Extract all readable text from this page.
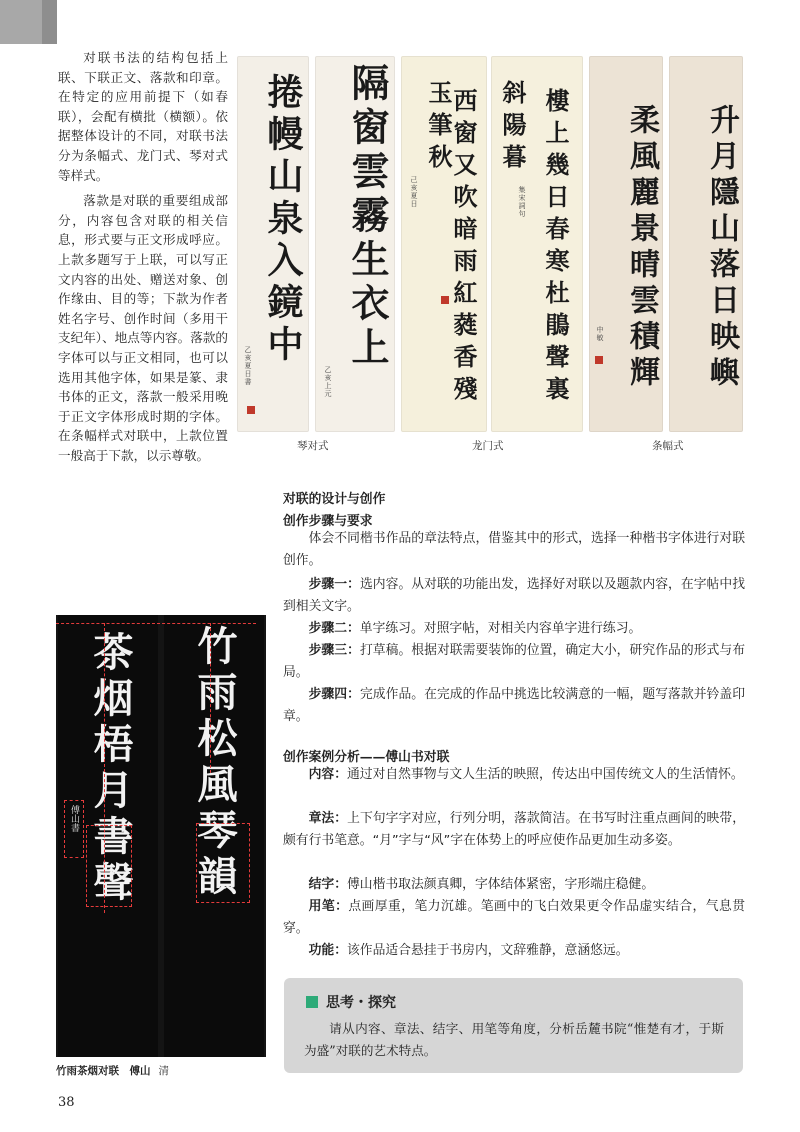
对联书法的结构包括上联、下联正文、落款和印章。在特定的应用前提下（如春联），会配有横批（横额）。依据整体设计的不同，对联书法分为条幅式、龙门式、琴对式等样式。

落款是对联的重要组成部分，内容包含对联的相关信息，形式要与正文形成呼应。上款多题写于上联，可以写正文内容的出处、赠送对象、创作缘由、目的等；下款为作者姓名字号、创作时间（多用干支纪年）、地点等内容。落款的字体可以与正文相同，也可以选用其他字体，如果是篆、隶书体的正文，落款一般采用晚于正文字体形成时期的字体。在条幅样式对联中，上款位置一般高于下款，以示尊敬。

捲幔山泉入鏡中
乙亥夏日書	隔窗雲霧生衣上
乙亥上元
玉筆秋
西窗又吹暗雨紅蕤香殘
己亥夏日
斜陽暮 樓上幾日春寒杜鵑聲裏
集宋詞句	柔風麗景晴雲積輝
中敏	升月隱山落日映嶼
琴对式	龙门式	条幅式
茶烟梧月書聲 竹雨松風琴韻
傅山書
竹雨茶烟对联　傅山 清
对联的设计与创作
创作步骤与要求
体会不同楷书作品的章法特点，借鉴其中的形式，选择一种楷书字体进行对联创作。
步骤一：选内容。从对联的功能出发，选择好对联以及题款内容，在字帖中找到相关文字。
步骤二：单字练习。对照字帖，对相关内容单字进行练习。
步骤三：打草稿。根据对联需要装饰的位置，确定大小，研究作品的形式与布局。
步骤四：完成作品。在完成的作品中挑选比较满意的一幅，题写落款并钤盖印章。
创作案例分析——傅山书对联
内容：通过对自然事物与文人生活的映照，传达出中国传统文人的生活情怀。
章法：上下句字字对应，行列分明，落款简洁。在书写时注重点画间的映带，颇有行书笔意。“月”字与“风”字在体势上的呼应使作品更加生动多姿。
结字：傅山楷书取法颜真卿，字体结体紧密，字形端庄稳健。
用笔：点画厚重，笔力沉雄。笔画中的飞白效果更令作品虚实结合，气息贯穿。
功能：该作品适合悬挂于书房内，文辞雅静，意涵悠远。
思考・探究
请从内容、章法、结字、用笔等角度，分析岳麓书院“惟楚有才，于斯为盛”对联的艺术特点。
38
